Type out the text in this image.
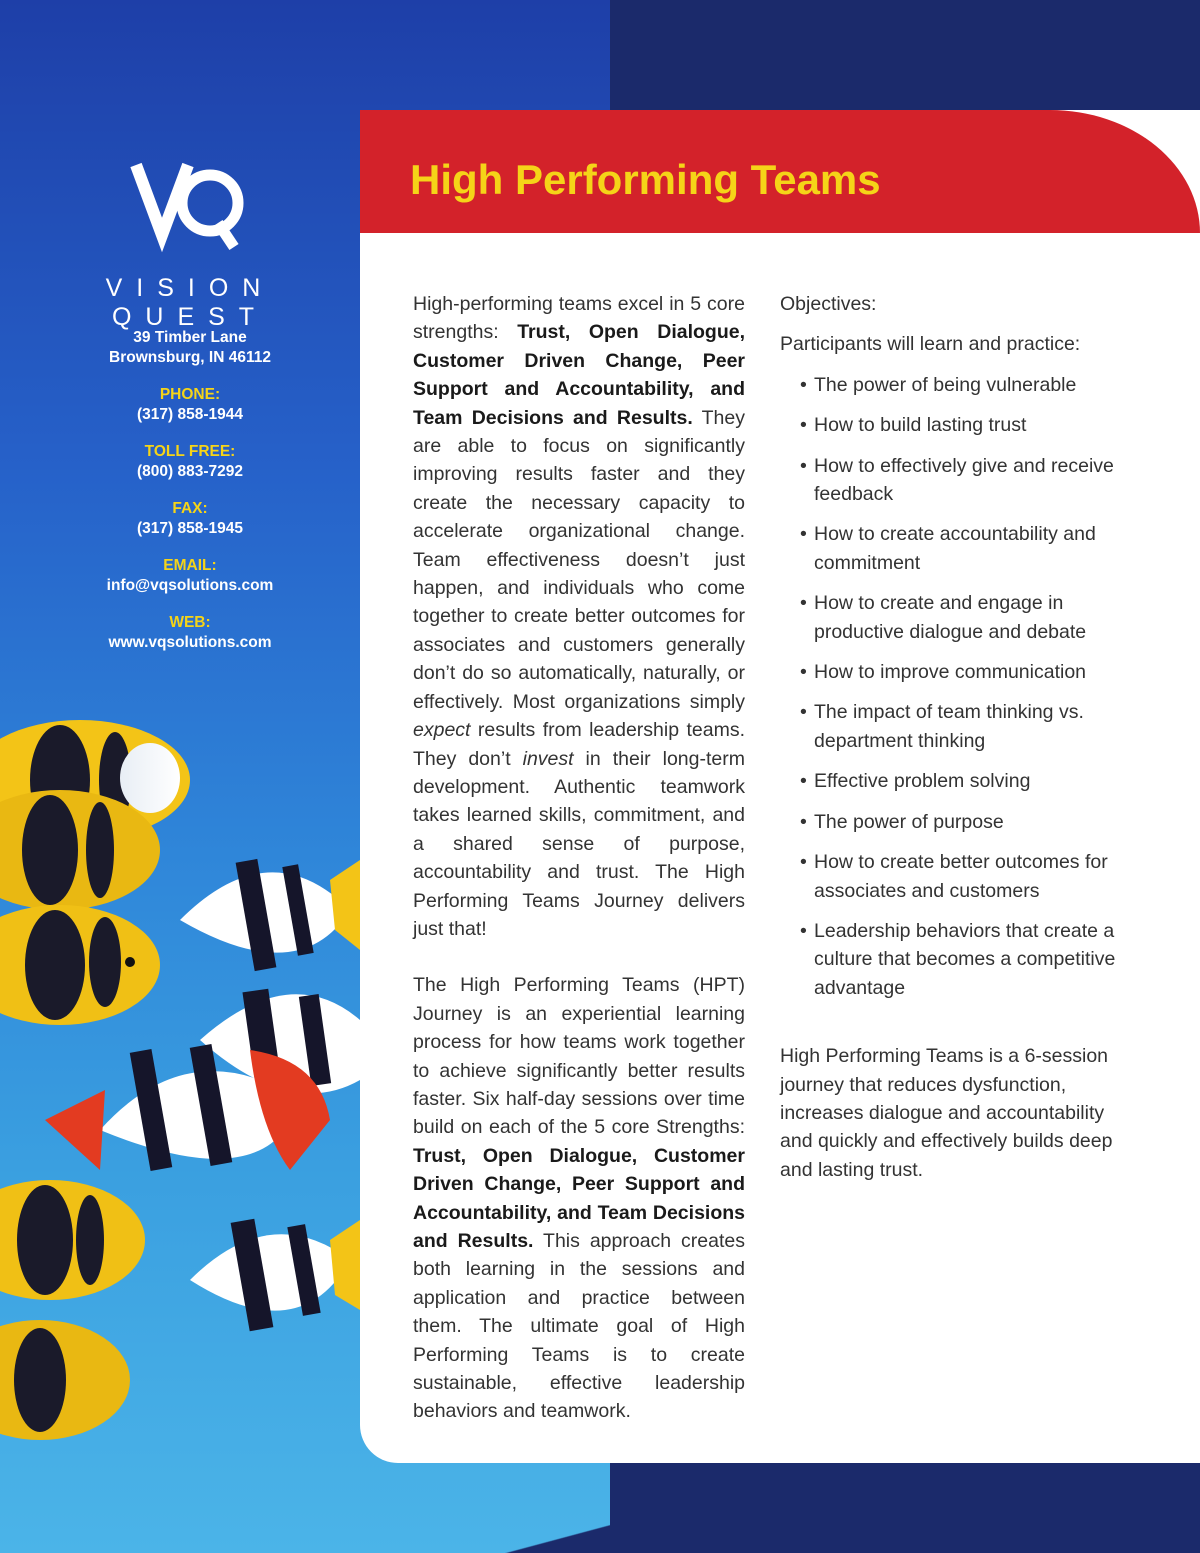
VISION QUEST
39 Timber Lane
Brownsburg, IN 46112
PHONE:
(317) 858-1944
TOLL FREE:
(800) 883-7292
FAX:
(317) 858-1945
EMAIL:
info@vqsolutions.com
WEB:
www.vqsolutions.com
High Performing Teams

High-performing teams excel in 5 core strengths: Trust, Open Dialogue, Customer Driven Change, Peer Support and Accountability, and Team Decisions and Results. They are able to focus on significantly improving results faster and they create the necessary capacity to accelerate organizational change. Team effectiveness doesn’t just happen, and individuals who come together to create better outcomes for associates and customers generally don’t do so automatically, naturally, or effectively. Most organizations simply expect results from leadership teams. They don’t invest in their long-term development. Authentic teamwork takes learned skills, commitment, and a shared sense of purpose, accountability and trust. The High Performing Teams Journey delivers just that!

The High Performing Teams (HPT) Journey is an experiential learning process for how teams work together to achieve significantly better results faster. Six half-day sessions over time build on each of the 5 core Strengths: Trust, Open Dialogue, Customer Driven Change, Peer Support and Accountability, and Team Decisions and Results. This approach creates both learning in the sessions and application and practice between them. The ultimate goal of High Performing Teams is to create sustainable, effective leadership behaviors and teamwork.

Objectives:

Participants will learn and practice:

• The power of being vulnerable
• How to build lasting trust
• How to effectively give and receive feedback
• How to create accountability and commitment
• How to create and engage in productive dialogue and debate
• How to improve communication
• The impact of team thinking vs. department thinking
• Effective problem solving
• The power of purpose
• How to create better outcomes for associates and customers
• Leadership behaviors that create a culture that becomes a competitive advantage

High Performing Teams is a 6-session journey that reduces dysfunction, increases dialogue and accountability and quickly and effectively builds deep and lasting trust.
